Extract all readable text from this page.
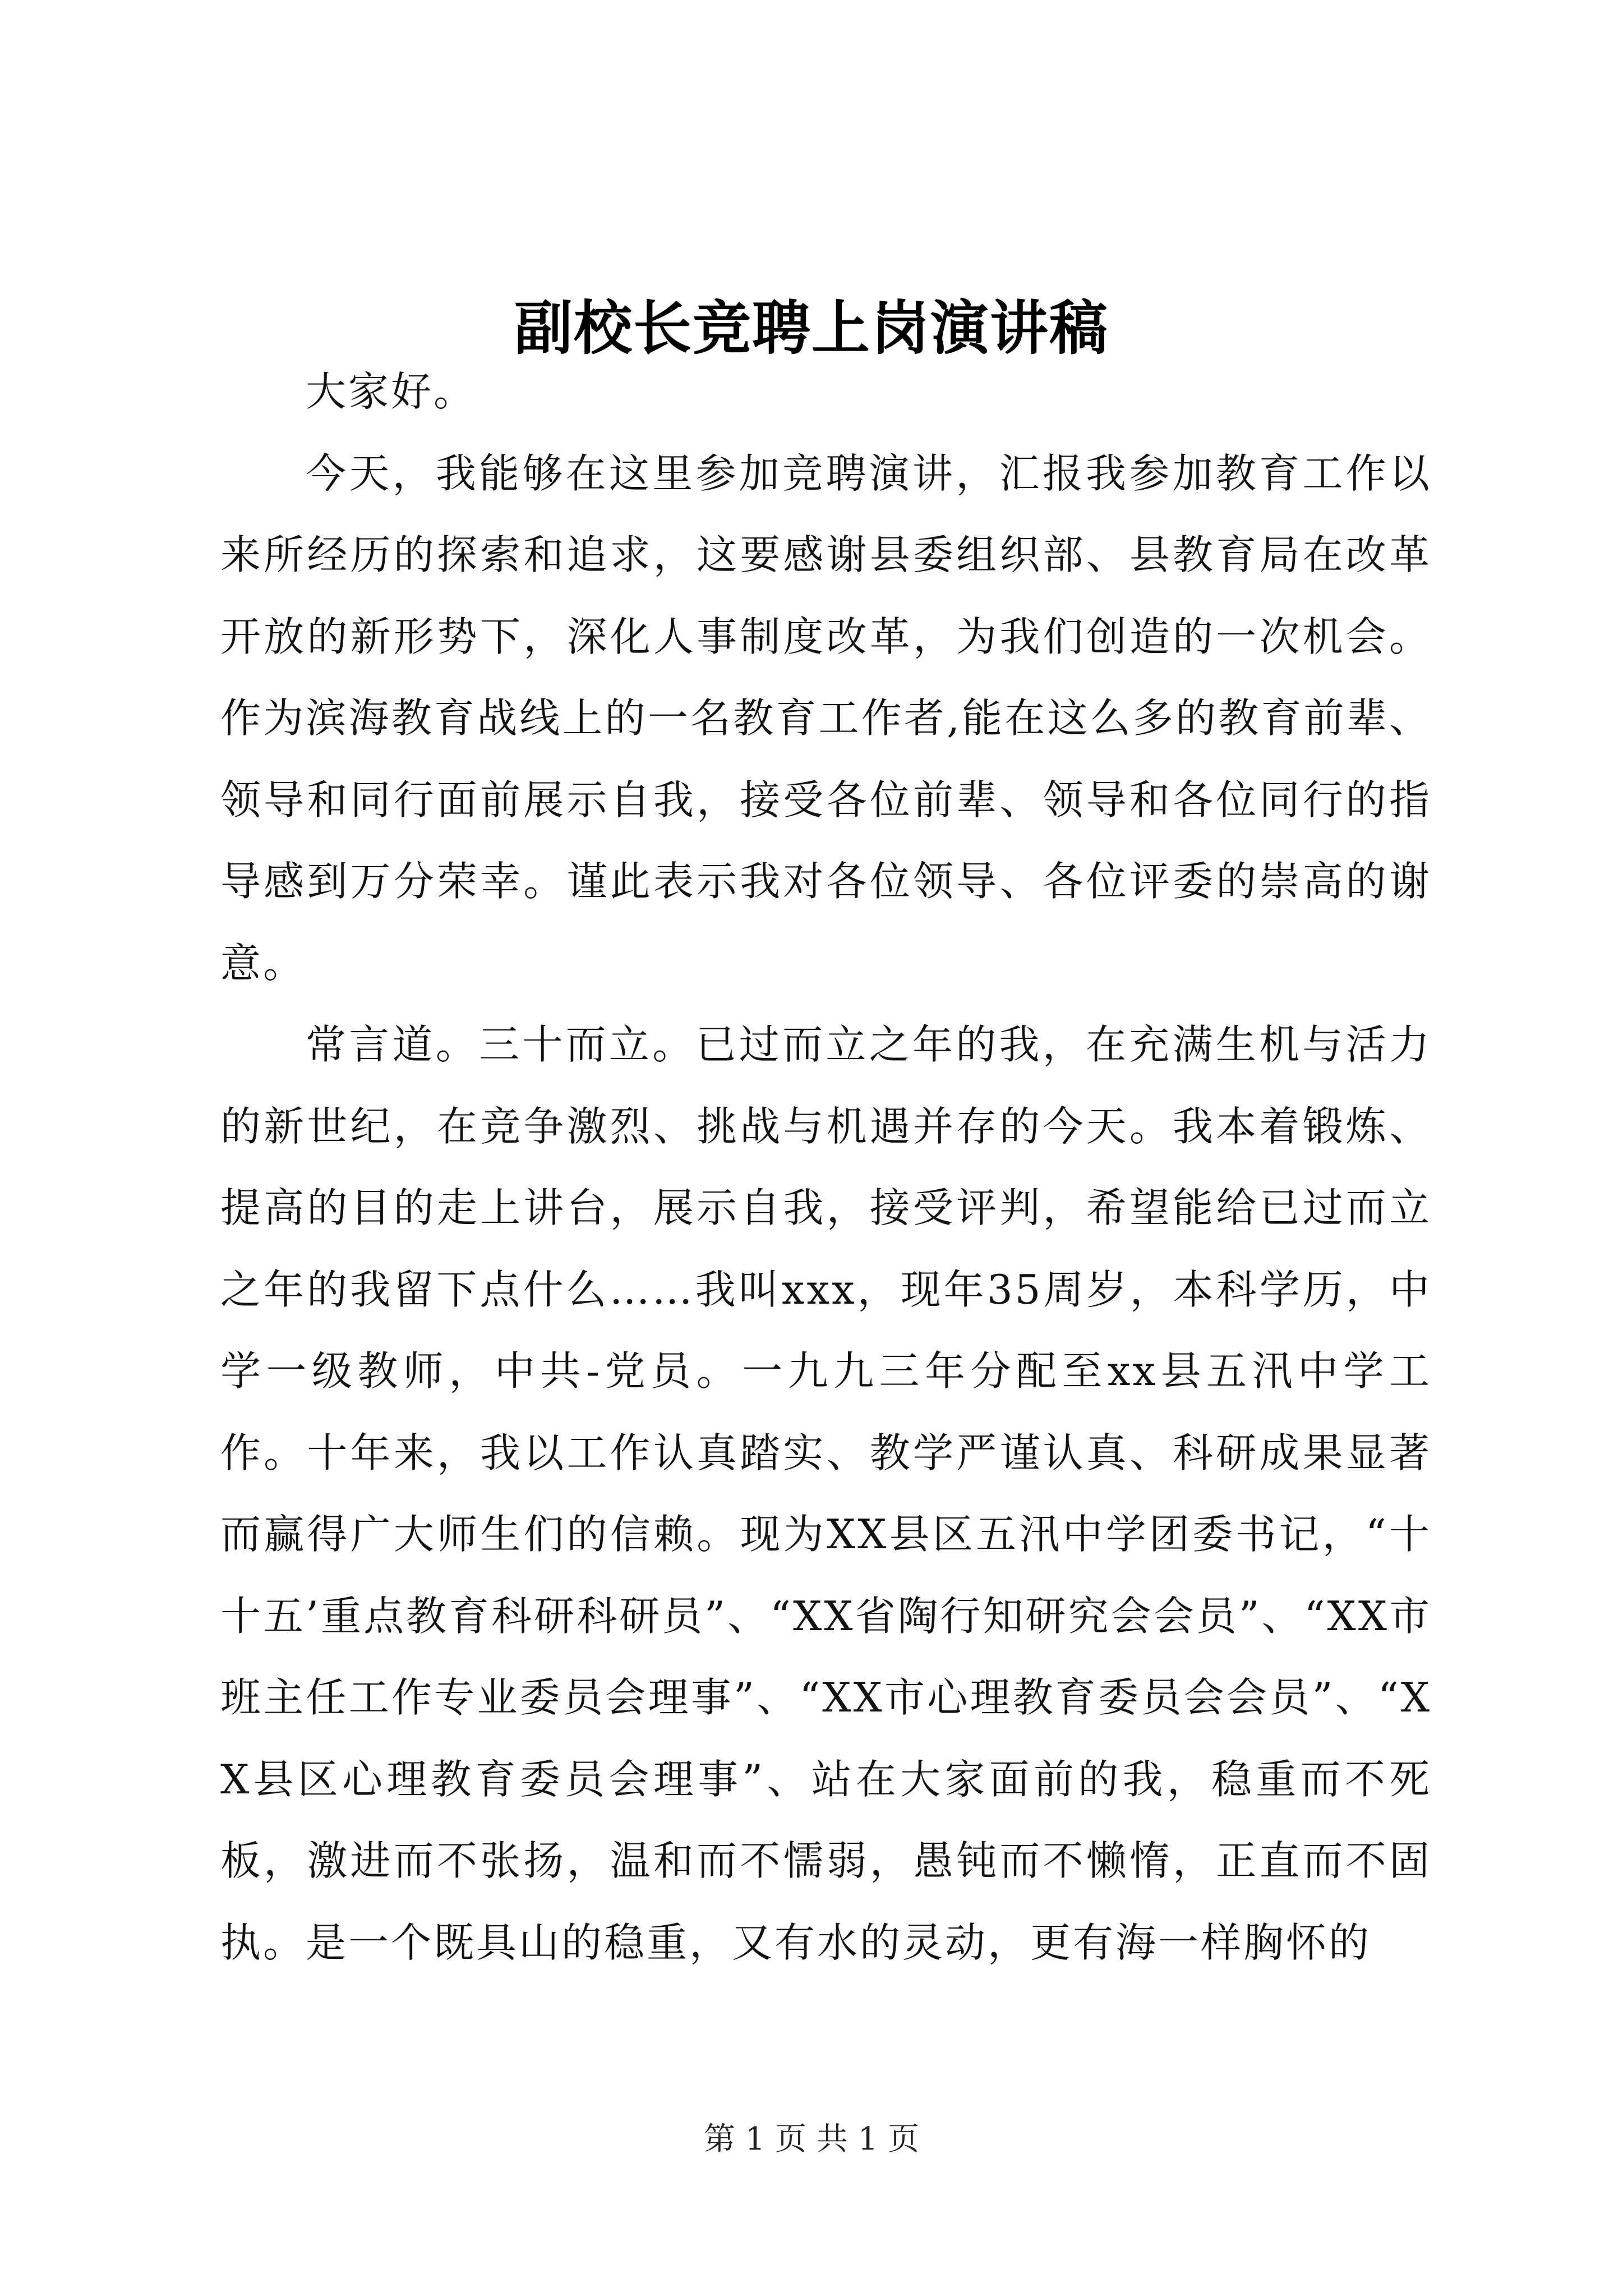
副校长竞聘上岗演讲稿

大家好。

今天，我能够在这里参加竞聘演讲，汇报我参加教育工作以来所经历的探索和追求，这要感谢县委组织部、县教育局在改革开放的新形势下，深化人事制度改革，为我们创造的一次机会。作为滨海教育战线上的一名教育工作者,能在这么多的教育前辈、领导和同行面前展示自我，接受各位前辈、领导和各位同行的指导感到万分荣幸。谨此表示我对各位领导、各位评委的崇高的谢意。

常言道。三十而立。已过而立之年的我，在充满生机与活力的新世纪，在竞争激烈、挑战与机遇并存的今天。我本着锻炼、提高的目的走上讲台，展示自我，接受评判，希望能给已过而立之年的我留下点什么……我叫xxx，现年35周岁，本科学历，中学一级教师，中共-党员。一九九三年分配至xx县五汛中学工作。十年来，我以工作认真踏实、教学严谨认真、科研成果显著而赢得广大师生们的信赖。现为XX县区五汛中学团委书记，“十十五’重点教育科研科研员”、“XX省陶行知研究会会员”、“XX市班主任工作专业委员会理事”、“XX市心理教育委员会会员”、“XX县区心理教育委员会理事”、站在大家面前的我，稳重而不死板，激进而不张扬，温和而不懦弱，愚钝而不懒惰，正直而不固执。是一个既具山的稳重，又有水的灵动，更有海一样胸怀的

第 1 页 共 1 页
